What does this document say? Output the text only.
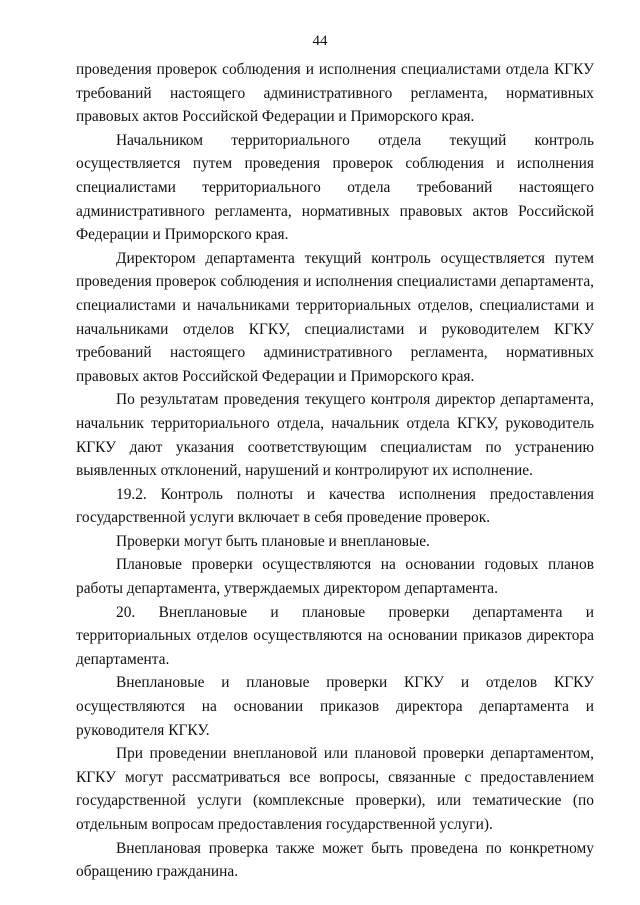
44

проведения проверок соблюдения и исполнения специалистами отдела КГКУ требований настоящего административного регламента, нормативных правовых актов Российской Федерации и Приморского края.

Начальником территориального отдела текущий контроль осуществляется путем проведения проверок соблюдения и исполнения специалистами территориального отдела требований настоящего административного регламента, нормативных правовых актов Российской Федерации и Приморского края.

Директором департамента текущий контроль осуществляется путем проведения проверок соблюдения и исполнения специалистами департамента, специалистами и начальниками территориальных отделов, специалистами и начальниками отделов КГКУ, специалистами и руководителем КГКУ требований настоящего административного регламента, нормативных правовых актов Российской Федерации и Приморского края.

По результатам проведения текущего контроля директор департамента, начальник территориального отдела, начальник отдела КГКУ, руководитель КГКУ дают указания соответствующим специалистам по устранению выявленных отклонений, нарушений и контролируют их исполнение.

19.2. Контроль полноты и качества исполнения предоставления государственной услуги включает в себя проведение проверок.

Проверки могут быть плановые и внеплановые.

Плановые проверки осуществляются на основании годовых планов работы департамента, утверждаемых директором департамента.

20. Внеплановые и плановые проверки департамента и территориальных отделов осуществляются на основании приказов директора департамента.

Внеплановые и плановые проверки КГКУ и отделов КГКУ осуществляются на основании приказов директора департамента и руководителя КГКУ.

При проведении внеплановой или плановой проверки департаментом, КГКУ могут рассматриваться все вопросы, связанные с предоставлением государственной услуги (комплексные проверки), или тематические (по отдельным вопросам предоставления государственной услуги).

Внеплановая проверка также может быть проведена по конкретному обращению гражданина.
